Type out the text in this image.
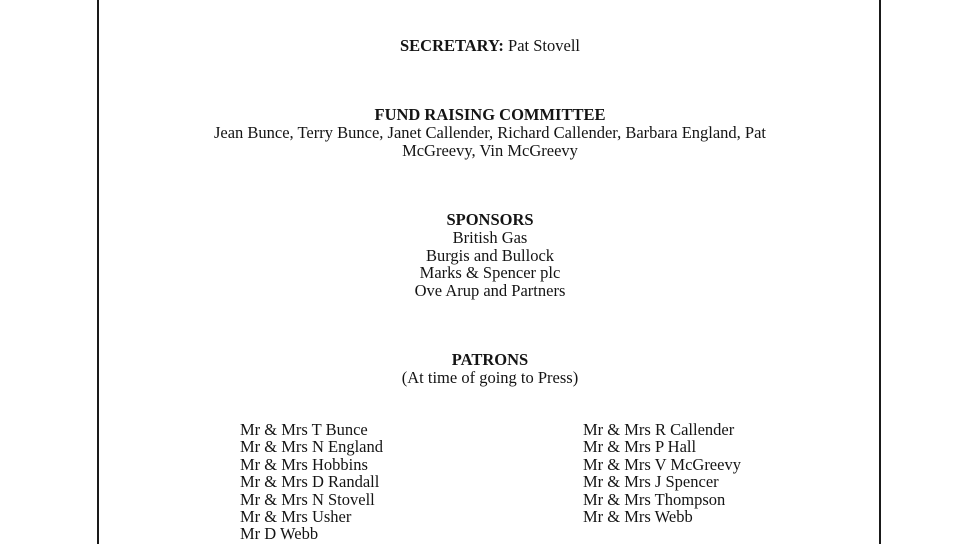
SECRETARY: Pat Stovell
FUND RAISING COMMITTEE
Jean Bunce, Terry Bunce, Janet Callender, Richard Callender, Barbara England, Pat
McGreevy, Vin McGreevy
SPONSORS
British Gas
Burgis and Bullock
Marks & Spencer plc
Ove Arup and Partners
PATRONS
(At time of going to Press)
Mr & Mrs T Bunce
Mr & Mrs N England
Mr & Mrs Hobbins
Mr & Mrs D Randall
Mr & Mrs N Stovell
Mr & Mrs Usher
Mr D Webb
Mr & Mrs R Callender
Mr & Mrs P Hall
Mr & Mrs V McGreevy
Mr & Mrs J Spencer
Mr & Mrs Thompson
Mr & Mrs Webb
